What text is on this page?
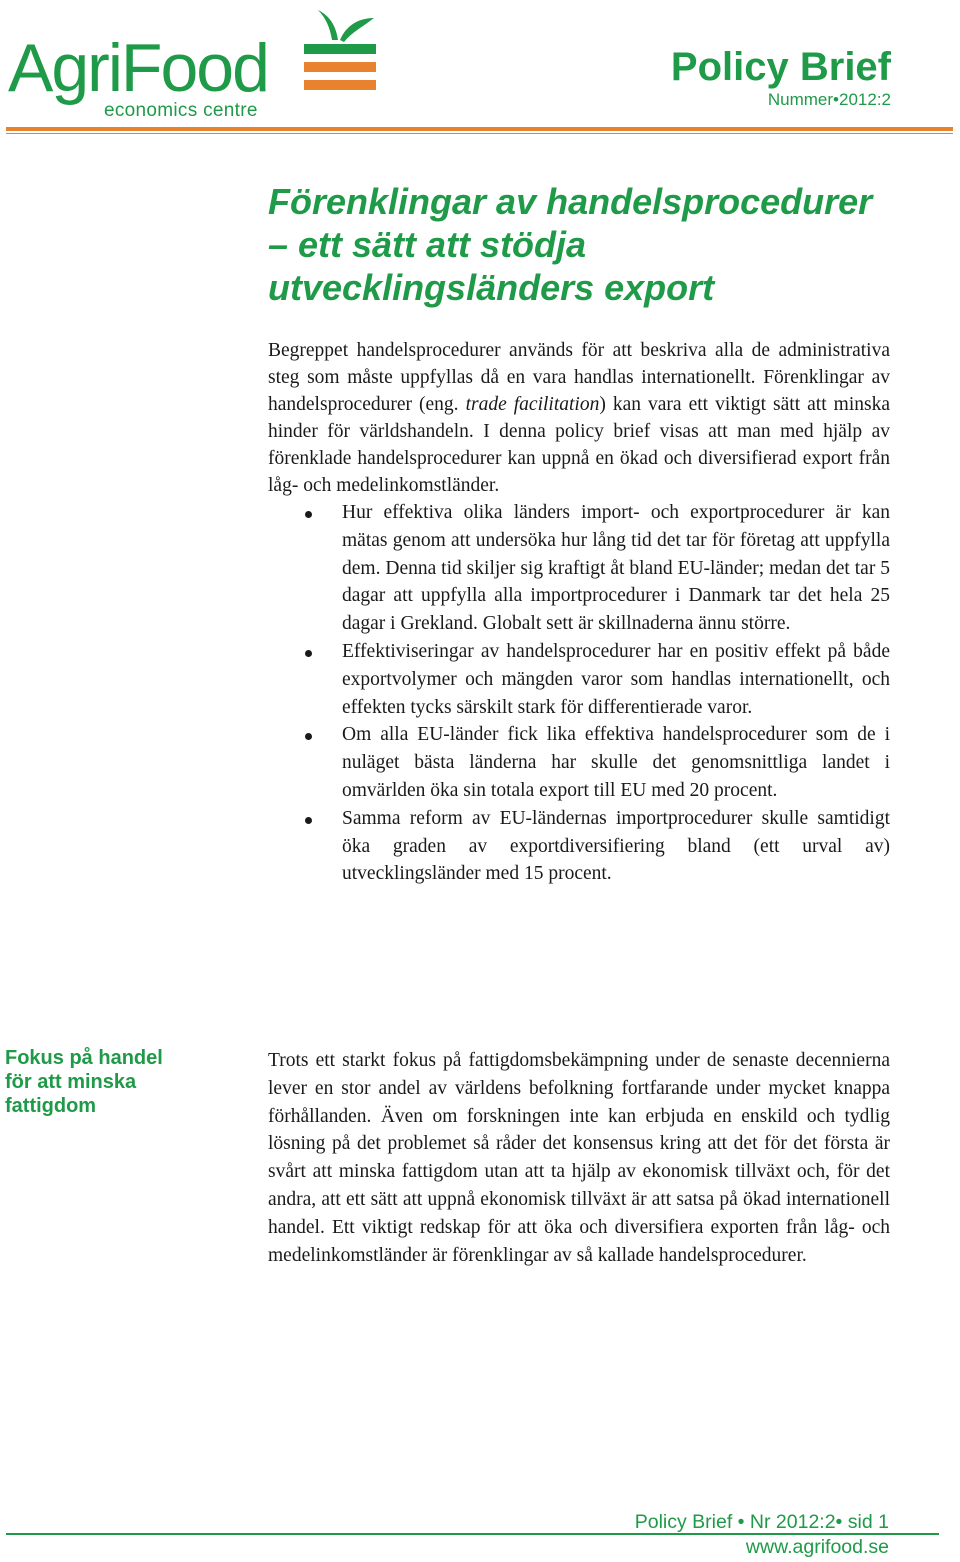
AgriFood
economics centre
Policy Brief
Nummer•2012:2
Förenklingar av handelsprocedurer
– ett sätt att stödja
utvecklingsländers export

Begreppet handelsprocedurer används för att beskriva alla de administrativa steg som måste uppfyllas då en vara handlas internationellt. Förenklingar av handelsprocedurer (eng. trade facilitation) kan vara ett viktigt sätt att minska hinder för världshandeln. I denna policy brief visas att man med hjälp av förenklade handelsprocedurer kan uppnå en ökad och diversifierad export från låg- och medelinkomstländer.

Hur effektiva olika länders import- och exportprocedurer är kan mätas genom att undersöka hur lång tid det tar för företag att uppfylla dem. Denna tid skiljer sig kraftigt åt bland EU-länder; medan det tar 5 dagar att uppfylla alla importprocedurer i Danmark tar det hela 25 dagar i Grekland. Globalt sett är skillnaderna ännu större.
Effektiviseringar av handelsprocedurer har en positiv effekt på både exportvolymer och mängden varor som handlas internationellt, och effekten tycks särskilt stark för differentierade varor.
Om alla EU-länder fick lika effektiva handelsprocedurer som de i nuläget bästa länderna har skulle det genomsnittliga landet i omvärlden öka sin totala export till EU med 20 procent.
Samma reform av EU-ländernas importprocedurer skulle samtidigt öka graden av exportdiversifiering bland (ett urval av) utvecklingsländer med 15 procent.
Fokus på handel för att minska fattigdom

Trots ett starkt fokus på fattigdomsbekämpning under de senaste decennierna lever en stor andel av världens befolkning fortfarande under mycket knappa förhållanden. Även om forskningen inte kan erbjuda en enskild och tydlig lösning på det problemet så råder det konsensus kring att det för det första är svårt att minska fattigdom utan att ta hjälp av ekonomisk tillväxt och, för det andra, att ett sätt att uppnå ekonomisk tillväxt är att satsa på ökad internationell handel. Ett viktigt redskap för att öka och diversifiera exporten från låg- och medelinkomstländer är förenklingar av så kallade handelsprocedurer.

Policy Brief • Nr 2012:2• sid 1
www.agrifood.se
